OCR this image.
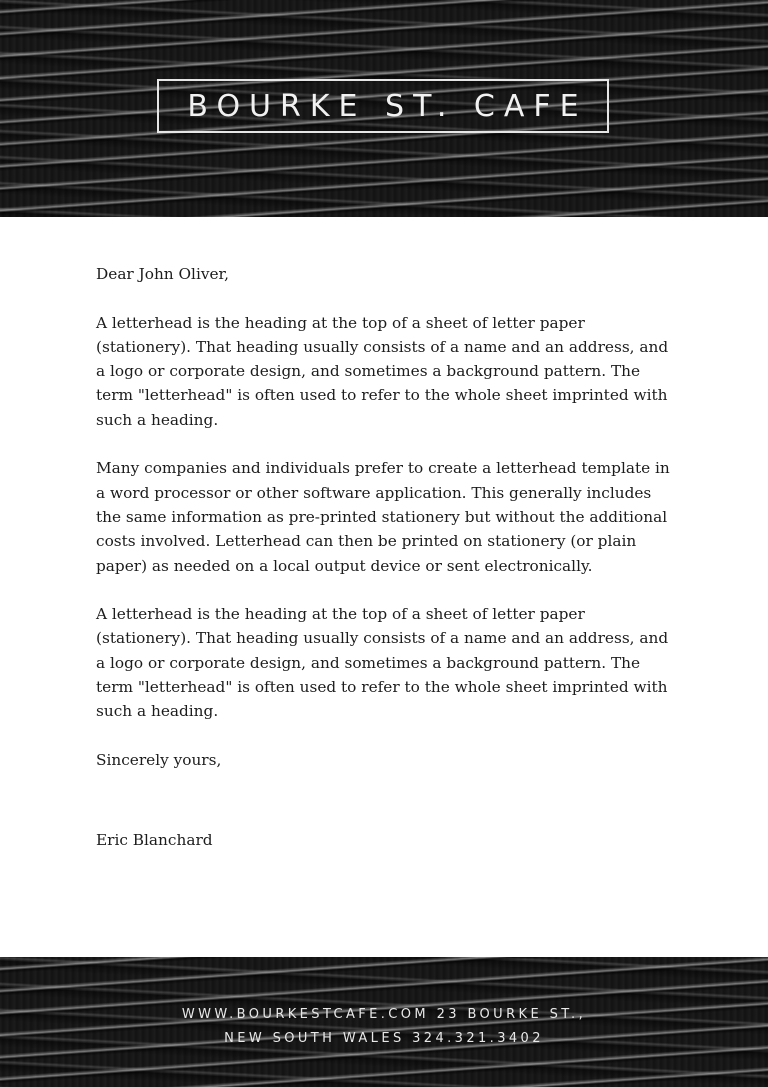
BOURKE ST. CAFE

Dear John Oliver,

A letterhead is the heading at the top of a sheet of letter paper (stationery). That heading usually consists of a name and an address, and a logo or corporate design, and sometimes a background pattern. The term "letterhead" is often used to refer to the whole sheet imprinted with such a heading.

Many companies and individuals prefer to create a letterhead template in a word processor or other software application. This generally includes the same information as pre-printed stationery but without the additional costs involved. Letterhead can then be printed on stationery (or plain paper) as needed on a local output device or sent electronically.

A letterhead is the heading at the top of a sheet of letter paper (stationery). That heading usually consists of a name and an address, and a logo or corporate design, and sometimes a background pattern. The term "letterhead" is often used to refer to the whole sheet imprinted with such a heading.

Sincerely yours,

Eric Blanchard

WWW.BOURKESTCAFE.COM 23 BOURKE ST.,
NEW SOUTH WALES 324.321.3402
